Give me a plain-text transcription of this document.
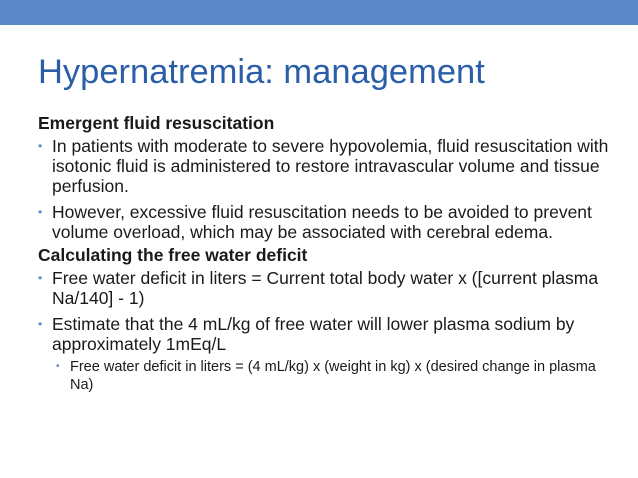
Hypernatremia: management

Emergent fluid resuscitation

• In patients with moderate to severe hypovolemia, fluid resuscitation with isotonic fluid is administered to restore intravascular volume and tissue perfusion.
• However, excessive fluid resuscitation needs to be avoided to prevent volume overload, which may be associated with cerebral edema.

Calculating the free water deficit

• Free water deficit in liters = Current total body water x ([current plasma Na/140] - 1)
• Estimate that the 4 mL/kg of free water will lower plasma sodium by approximately 1mEq/L
• Free water deficit in liters = (4 mL/kg) x (weight in kg) x (desired change in plasma Na)
